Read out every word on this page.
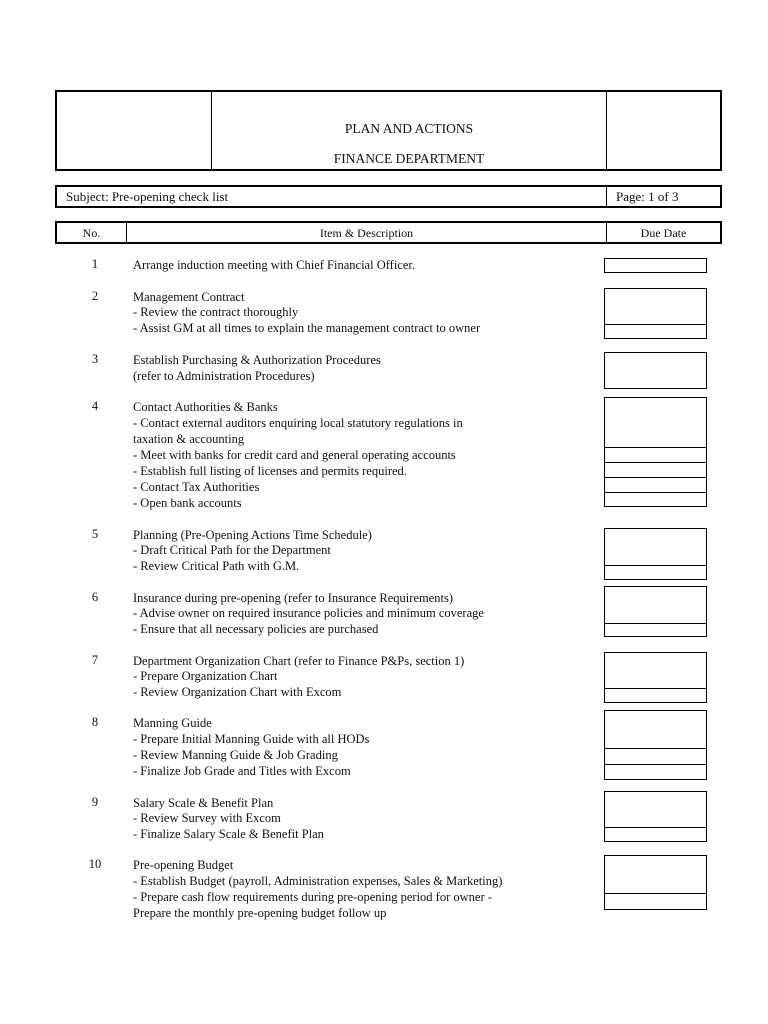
PLAN AND ACTIONS
FINANCE DEPARTMENT
Subject: Pre-opening check list	Page: 1 of 3
No.	Item & Description	Due Date
1	Arrange induction meeting with Chief Financial Officer.
2	Management Contract
- Review the contract thoroughly
- Assist GM at all times to explain the management contract to owner
3	Establish Purchasing & Authorization Procedures
(refer to Administration Procedures)
4	Contact Authorities & Banks
- Contact external auditors enquiring local statutory regulations in
taxation & accounting
- Meet with banks for credit card and general operating accounts
- Establish full listing of licenses and permits required.
- Contact Tax Authorities
- Open bank accounts
5	Planning (Pre-Opening Actions Time Schedule)
- Draft Critical Path for the Department
- Review Critical Path with G.M.
6	Insurance during pre-opening (refer to Insurance Requirements)
- Advise owner on required insurance policies and minimum coverage
- Ensure that all necessary policies are purchased
7	Department Organization Chart (refer to Finance P&Ps, section 1)
- Prepare Organization Chart
- Review Organization Chart with Excom
8	Manning Guide
- Prepare Initial Manning Guide with all HODs
- Review Manning Guide & Job Grading
- Finalize Job Grade and Titles with Excom
9	Salary Scale & Benefit Plan
- Review Survey with Excom
- Finalize Salary Scale & Benefit Plan
10	Pre-opening Budget
- Establish Budget (payroll, Administration expenses, Sales & Marketing)
- Prepare cash flow requirements during pre-opening period for owner -
Prepare the monthly pre-opening budget follow up
